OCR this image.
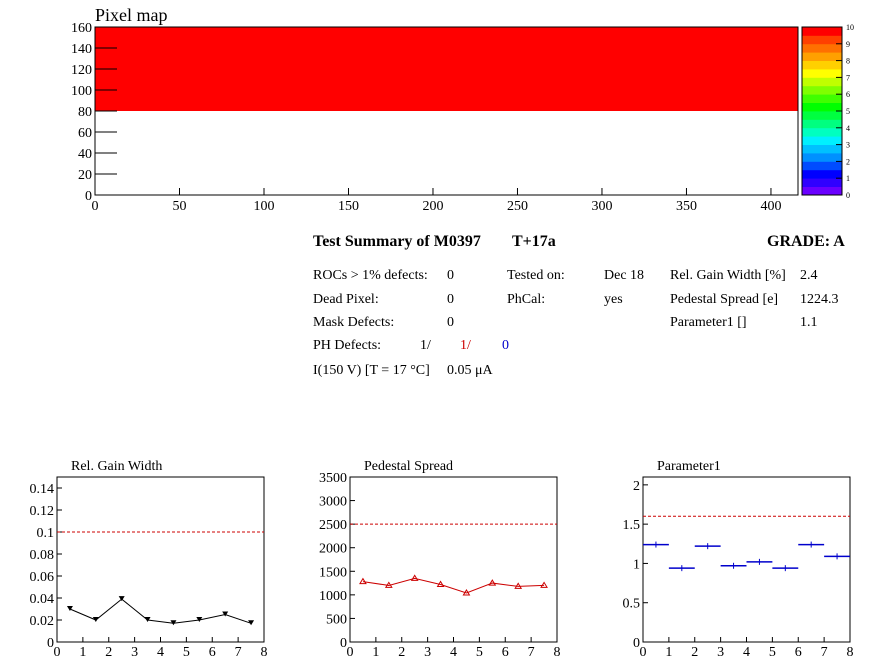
Pixel map
0	50	100	150	200	250	300	350	400
0
20
40
60
80
100
120
140
160
0
1
2
3
4
5
6
7
8
9
10
Rel. Gain Width
0 1 2 3 4 5 6 7 8
0
0.02
0.04
0.06
0.08
0.1
0.12
0.14
Pedestal Spread
0 1 2 3 4 5 6 7 8
0
500
1000
1500
2000
2500
3000
3500
Parameter1
0 1 2 3 4 5 6 7 8
0
0.5
1
1.5
2
Test Summary of M0397 T+17a	GRADE: A
ROCs > 1% defects: 0
Dead Pixel:	0
Mask Defects:	0
PH Defects:	1/ 1/ 0
I(150 V) [T = 17 °C] 0.05 μA
Tested on:	Dec 18
PhCal:	yes
Rel. Gain Width [%] 2.4
Pedestal Spread [e] 1224.3
Parameter1 []	1.1
